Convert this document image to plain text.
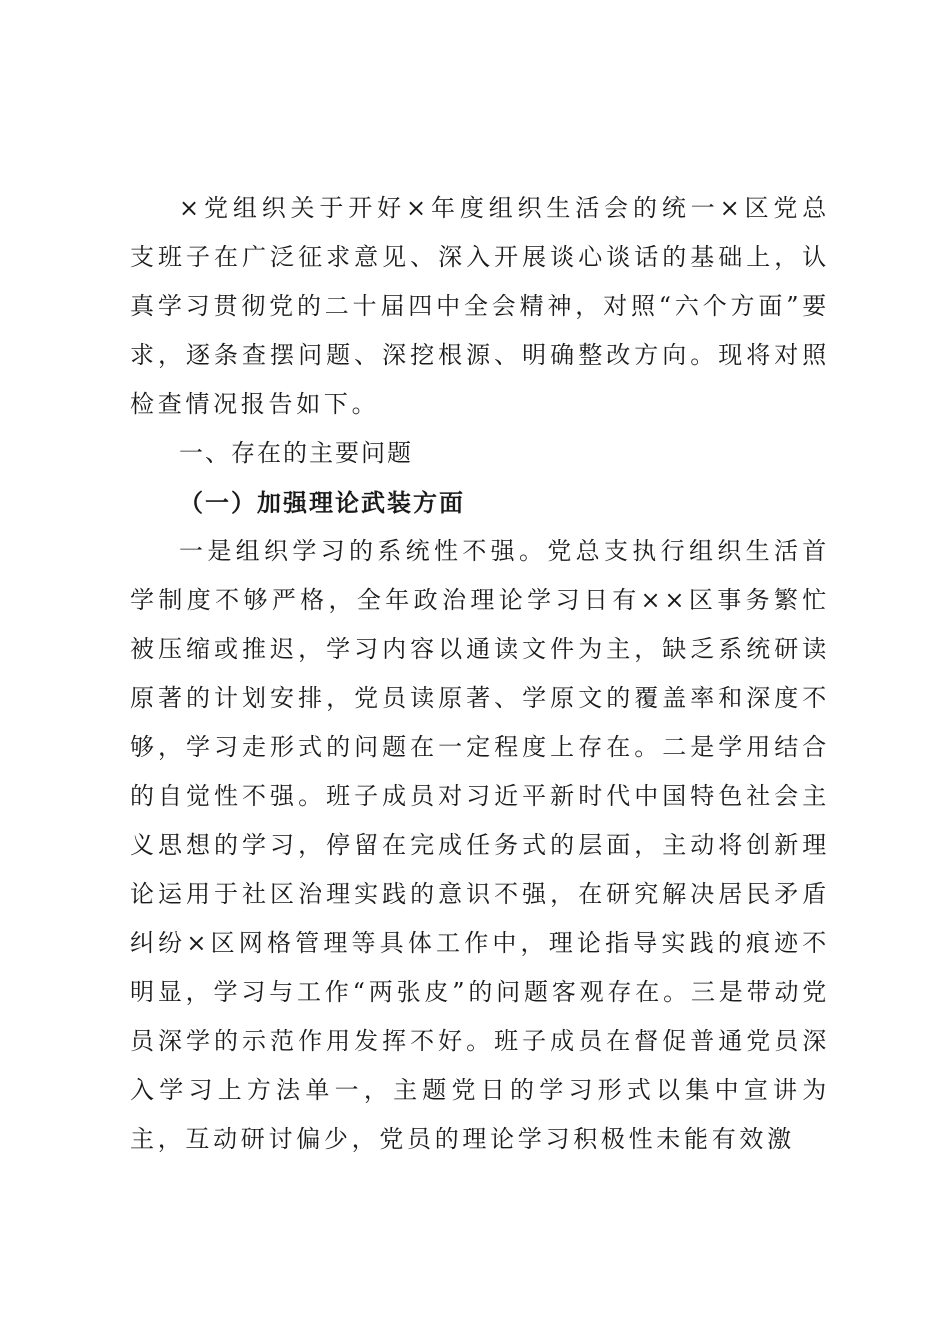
×党组织关于开好×年度组织生活会的统一×区党总支班子在广泛征求意见、深入开展谈心谈话的基础上，认真学习贯彻党的二十届四中全会精神，对照“六个方面”要求，逐条查摆问题、深挖根源、明确整改方向。现将对照检查情况报告如下。

一、存在的主要问题

（一）加强理论武装方面

一是组织学习的系统性不强。党总支执行组织生活首学制度不够严格，全年政治理论学习日有××区事务繁忙被压缩或推迟，学习内容以通读文件为主，缺乏系统研读原著的计划安排，党员读原著、学原文的覆盖率和深度不够，学习走形式的问题在一定程度上存在。二是学用结合的自觉性不强。班子成员对习近平新时代中国特色社会主义思想的学习，停留在完成任务式的层面，主动将创新理论运用于社区治理实践的意识不强，在研究解决居民矛盾纠纷×区网格管理等具体工作中，理论指导实践的痕迹不明显，学习与工作“两张皮”的问题客观存在。三是带动党员深学的示范作用发挥不好。班子成员在督促普通党员深入学习上方法单一，主题党日的学习形式以集中宣讲为主，互动研讨偏少，党员的理论学习积极性未能有效激
